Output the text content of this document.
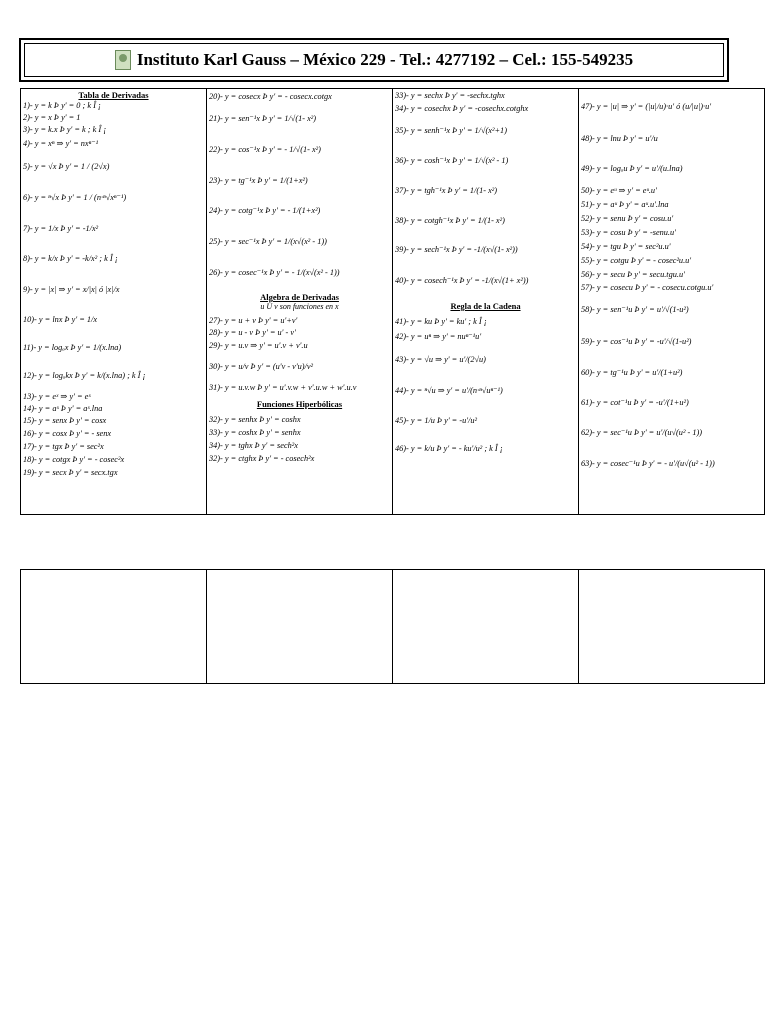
Instituto Karl Gauss – México 229 - Tel.: 4277192 – Cel.: 155-549235
Tabla de Derivadas
1)- y = k Þ y' = 0 ; k Î ¡
2)- y = x Þ y' = 1
3)- y = k.x Þ y' = k ; k Î ¡
4)- y = xⁿ ⇒ y' = nxⁿ⁻¹
5)- y = √x Þ y' = 1 / (2√x)
6)- y = ⁿ√x Þ y' = 1 / (n·ⁿ√xⁿ⁻¹)
7)- y = 1/x Þ y' = -1/x²
8)- y = k/x Þ y' = -k/x² ; k Î ¡
9)- y = |x| ⇒ y' = x/|x| ó |x|/x
10)- y = lnx Þ y' = 1/x
11)- y = logₐx Þ y' = 1/(x.lna)
12)- y = logₐkx Þ y' = k/(x.lna) ; k Î ¡
13)- y = eˣ ⇒ y' = eˣ
14)- y = aˣ Þ y' = aˣ.lna
15)- y = senx Þ y' = cosx
16)- y = cosx Þ y' = - senx
17)- y = tgx Þ y' = sec²x
18)- y = cotgx Þ y' = - cosec²x
19)- y = secx Þ y' = secx.tgx

20)- y = cosecx Þ y' = - cosecx.cotgx
21)- y = sen⁻¹x Þ y' = 1/√(1- x²)
22)- y = cos⁻¹x Þ y' = - 1/√(1- x²)
23)- y = tg⁻¹x Þ y' = 1/(1+x²)
24)- y = cotg⁻¹x Þ y' = - 1/(1+x²)
25)- y = sec⁻¹x Þ y' = 1/(x√(x² - 1))
26)- y = cosec⁻¹x Þ y' = - 1/(x√(x² - 1))
Algebra de Derivadas
u Ù v son funciones en x
27)- y = u + v Þ y' = u'+v'
28)- y = u - v Þ y' = u' - v'
29)- y = u.v ⇒ y' = u'.v + v'.u
30)- y = u/v Þ y' = (u'v - v'u)/v²
31)- y = u.v.w Þ y' = u'.v.w + v'.u.w + w'.u.v
Funciones Hiperbólicas
32)- y = senhx Þ y' = coshx
33)- y = coshx Þ y' = senhx
34)- y = tghx Þ y' = sech²x
32)- y = ctghx Þ y' = - cosech²x

33)- y = sechx Þ y' = -sechx.tghx
34)- y = cosechx Þ y' = -cosechx.cotghx
35)- y = senh⁻¹x Þ y' = 1/√(x²+1)
36)- y = cosh⁻¹x Þ y' = 1/√(x² - 1)
37)- y = tgh⁻¹x Þ y' = 1/(1- x²)
38)- y = cotgh⁻¹x Þ y' = 1/(1- x²)
39)- y = sech⁻¹x Þ y' = -1/(x√(1- x²))
40)- y = cosech⁻¹x Þ y' = -1/(x√(1+ x²))
Regla de la Cadena
41)- y = ku Þ y' = ku' ; k Î ¡
42)- y = uⁿ ⇒ y' = nuⁿ⁻¹u'
43)- y = √u ⇒ y' = u'/(2√u)
44)- y = ⁿ√u ⇒ y' = u'/(n·ⁿ√uⁿ⁻¹)
45)- y = 1/u Þ y' = -u'/u²
46)- y = k/u Þ y' = - ku'/u² ; k Î ¡

47)- y = |u| ⇒ y' = (|u|/u)·u' ó (u/|u|)·u'
48)- y = lnu Þ y' = u'/u
49)- y = logₐu Þ y' = u'/(u.lna)
50)- y = eᵘ ⇒ y' = eᵘ.u'
51)- y = aᵘ Þ y' = aᵘ.u'.lna
52)- y = senu Þ y' = cosu.u'
53)- y = cosu Þ y' = -senu.u'
54)- y = tgu Þ y' = sec²u.u'
55)- y = cotgu Þ y' = - cosec²u.u'
56)- y = secu Þ y' = secu.tgu.u'
57)- y = cosecu Þ y' = - cosecu.cotgu.u'
58)- y = sen⁻¹u Þ y' = u'/√(1-u²)
59)- y = cos⁻¹u Þ y' = -u'/√(1-u²)
60)- y = tg⁻¹u Þ y' = u'/(1+u²)
61)- y = cot⁻¹u Þ y' = -u'/(1+u²)
62)- y = sec⁻¹u Þ y' = u'/(u√(u² - 1))
63)- y = cosec⁻¹u Þ y' = - u'/(u√(u² - 1))
